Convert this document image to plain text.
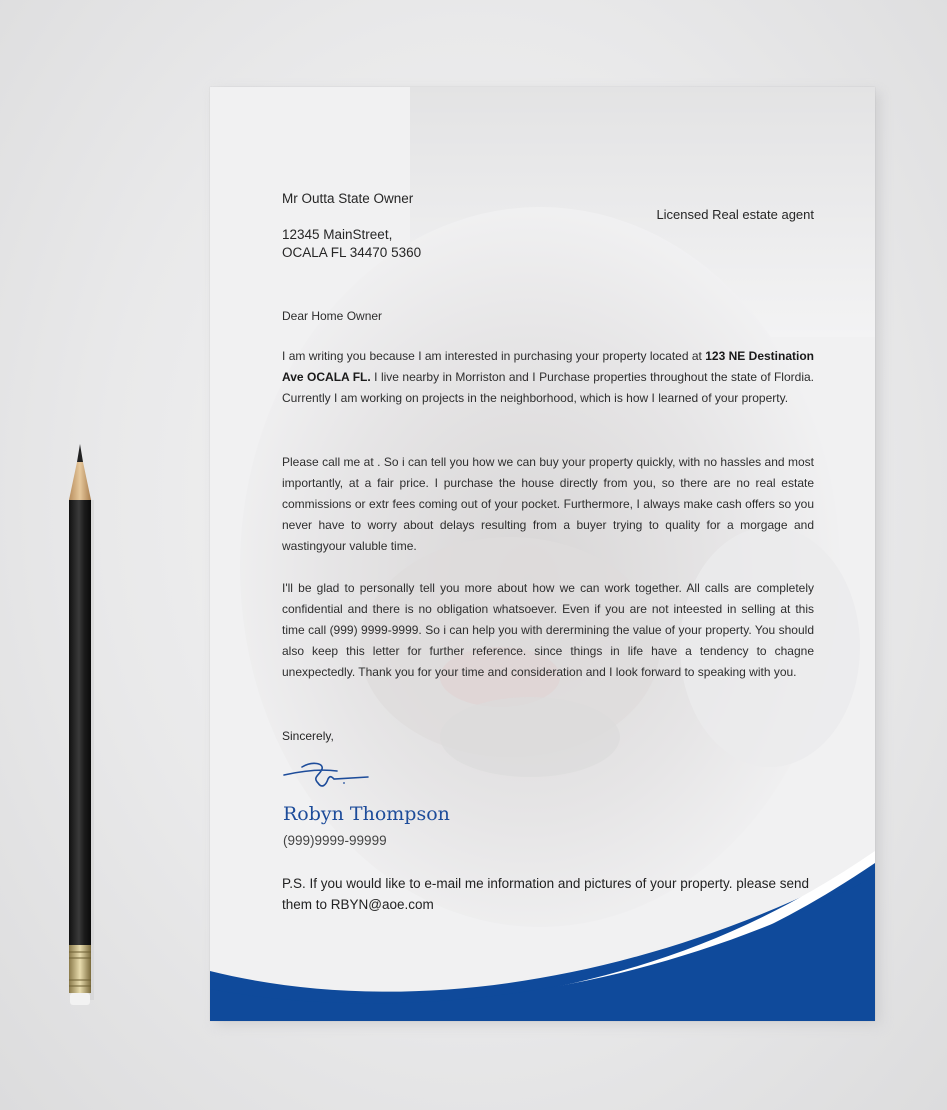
Mr Outta State Owner
Licensed Real estate agent
12345 MainStreet,
OCALA FL 34470 5360
Dear Home Owner

I am writing you because I am interested in purchasing your property located at 123 NE Destination Ave OCALA FL. I live nearby in Morriston and I Purchase properties throughout the state of Flordia. Currently I am working on projects in the neighborhood, which is how I learned of your property.

Please call me at . So i can tell you how we can buy your property quickly, with no hassles and most importantly, at a fair price. I purchase the house directly from you, so there are no real estate commissions or extr fees coming out of your pocket. Furthermore, I always make cash offers so you never have to worry about delays resulting from a buyer trying to quality for a morgage and wastingyour valuble time.

I'll be glad to personally tell you more about how we can work together. All calls are completely confidential and there is no obligation whatsoever. Even if you are not inteested in selling at this time call (999) 9999-9999. So i can help you with derermining the value of your property. You should also keep this letter for further reference. since things in life have a tendency to chagne unexpectedly. Thank you for your time and consideration and I look forward to speaking with you.

Sincerely,
Robyn Thompson
(999)9999-99999
P.S. If you would like to e-mail me information and pictures of your property. please send them to RBYN@aoe.com
